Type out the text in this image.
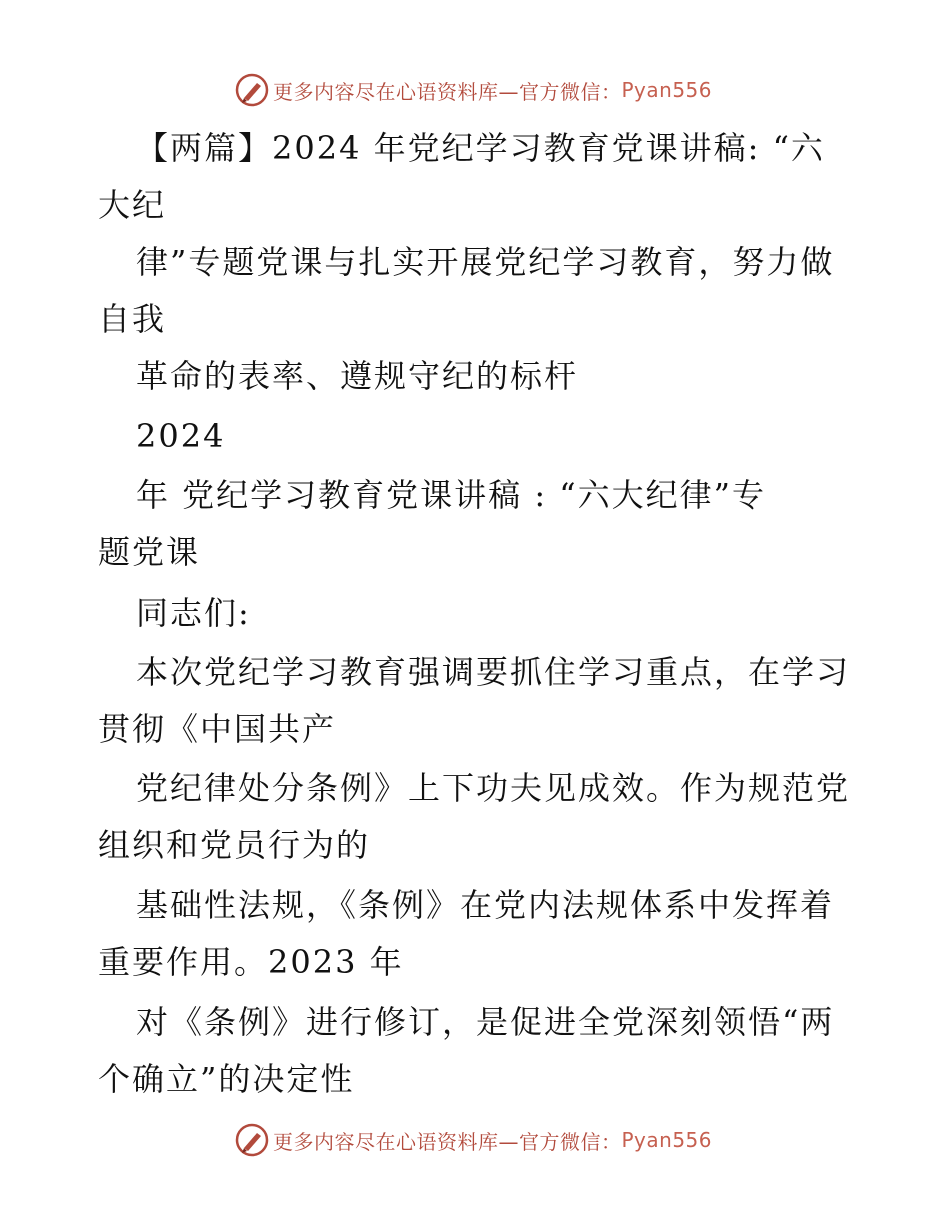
更多内容尽在心语资料库—官方微信： Pyan556
【两篇】2024 年党纪学习教育党课讲稿: “六
大纪
律”专题党课与扎实开展党纪学习教育，努力做
自我
革命的表率、遵规守纪的标杆
2024
年 党纪学习教育党课讲稿 : “六大纪律”专
题党课
同志们:
本次党纪学习教育强调要抓住学习重点，在学习
贯彻《中国共产
党纪律处分条例》上下功夫见成效。作为规范党
组织和党员行为的
基础性法规，《条例》在党内法规体系中发挥着
重要作用。2023 年
对《条例》进行修订，是促进全党深刻领悟“两
个确立”的决定性
更多内容尽在心语资料库—官方微信： Pyan556
